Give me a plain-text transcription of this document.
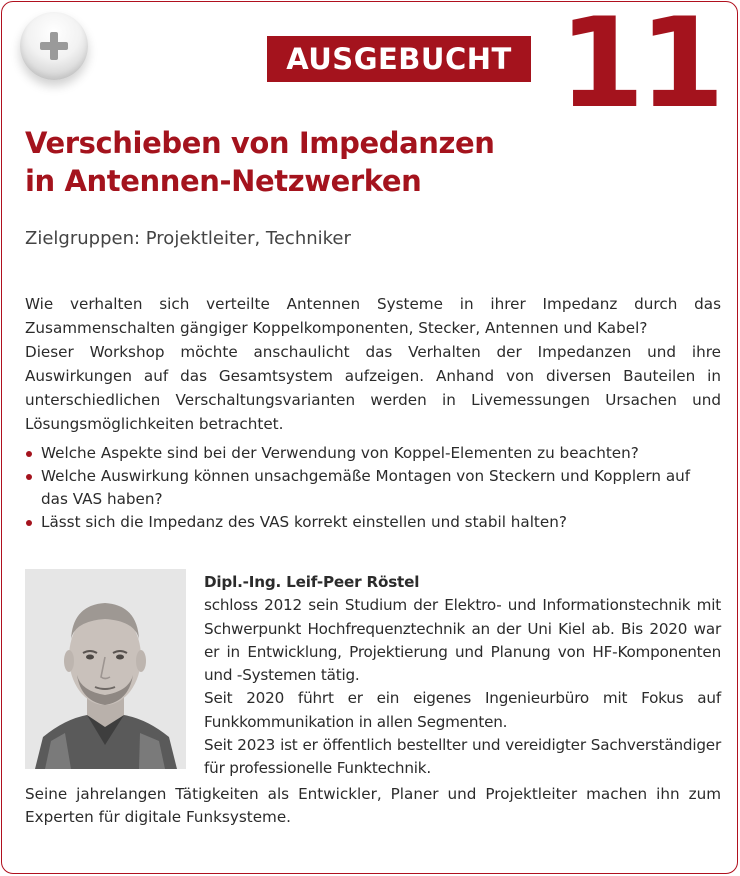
AUSGEBUCHT 11
Verschieben von Impedanzen
in Antennen-Netzwerken
Zielgruppen: Projektleiter, Techniker

Wie verhalten sich verteilte Antennen Systeme in ihrer Impedanz durch das Zusammenschalten gängiger Koppelkomponenten, Stecker, Antennen und Kabel?

Dieser Workshop möchte anschaulicht das Verhalten der Impedanzen und ihre Auswirkungen auf das Gesamtsystem aufzeigen. Anhand von diversen Bauteilen in unterschiedlichen Verschaltungsvarianten werden in Livemessungen Ursachen und Lösungsmöglichkeiten betrachtet.

Welche Aspekte sind bei der Verwendung von Koppel-Elementen zu beachten?
Welche Auswirkung können unsachgemäße Montagen von Steckern und Kopplern auf das VAS haben?
Lässt sich die Impedanz des VAS korrekt einstellen und stabil halten?
Dipl.-Ing. Leif-Peer Röstel

schloss 2012 sein Studium der Elektro- und Informationstechnik mit Schwerpunkt Hochfrequenztechnik an der Uni Kiel ab. Bis 2020 war er in Entwicklung, Projektierung und Planung von HF-Komponenten und -Systemen tätig.

Seit 2020 führt er ein eigenes Ingenieurbüro mit Fokus auf Funkkommunikation in allen Segmenten.

Seit 2023 ist er öffentlich bestellter und vereidigter Sachverständiger für professionelle Funktechnik.

Seine jahrelangen Tätigkeiten als Entwickler, Planer und Projektleiter machen ihn zum Experten für digitale Funksysteme.
